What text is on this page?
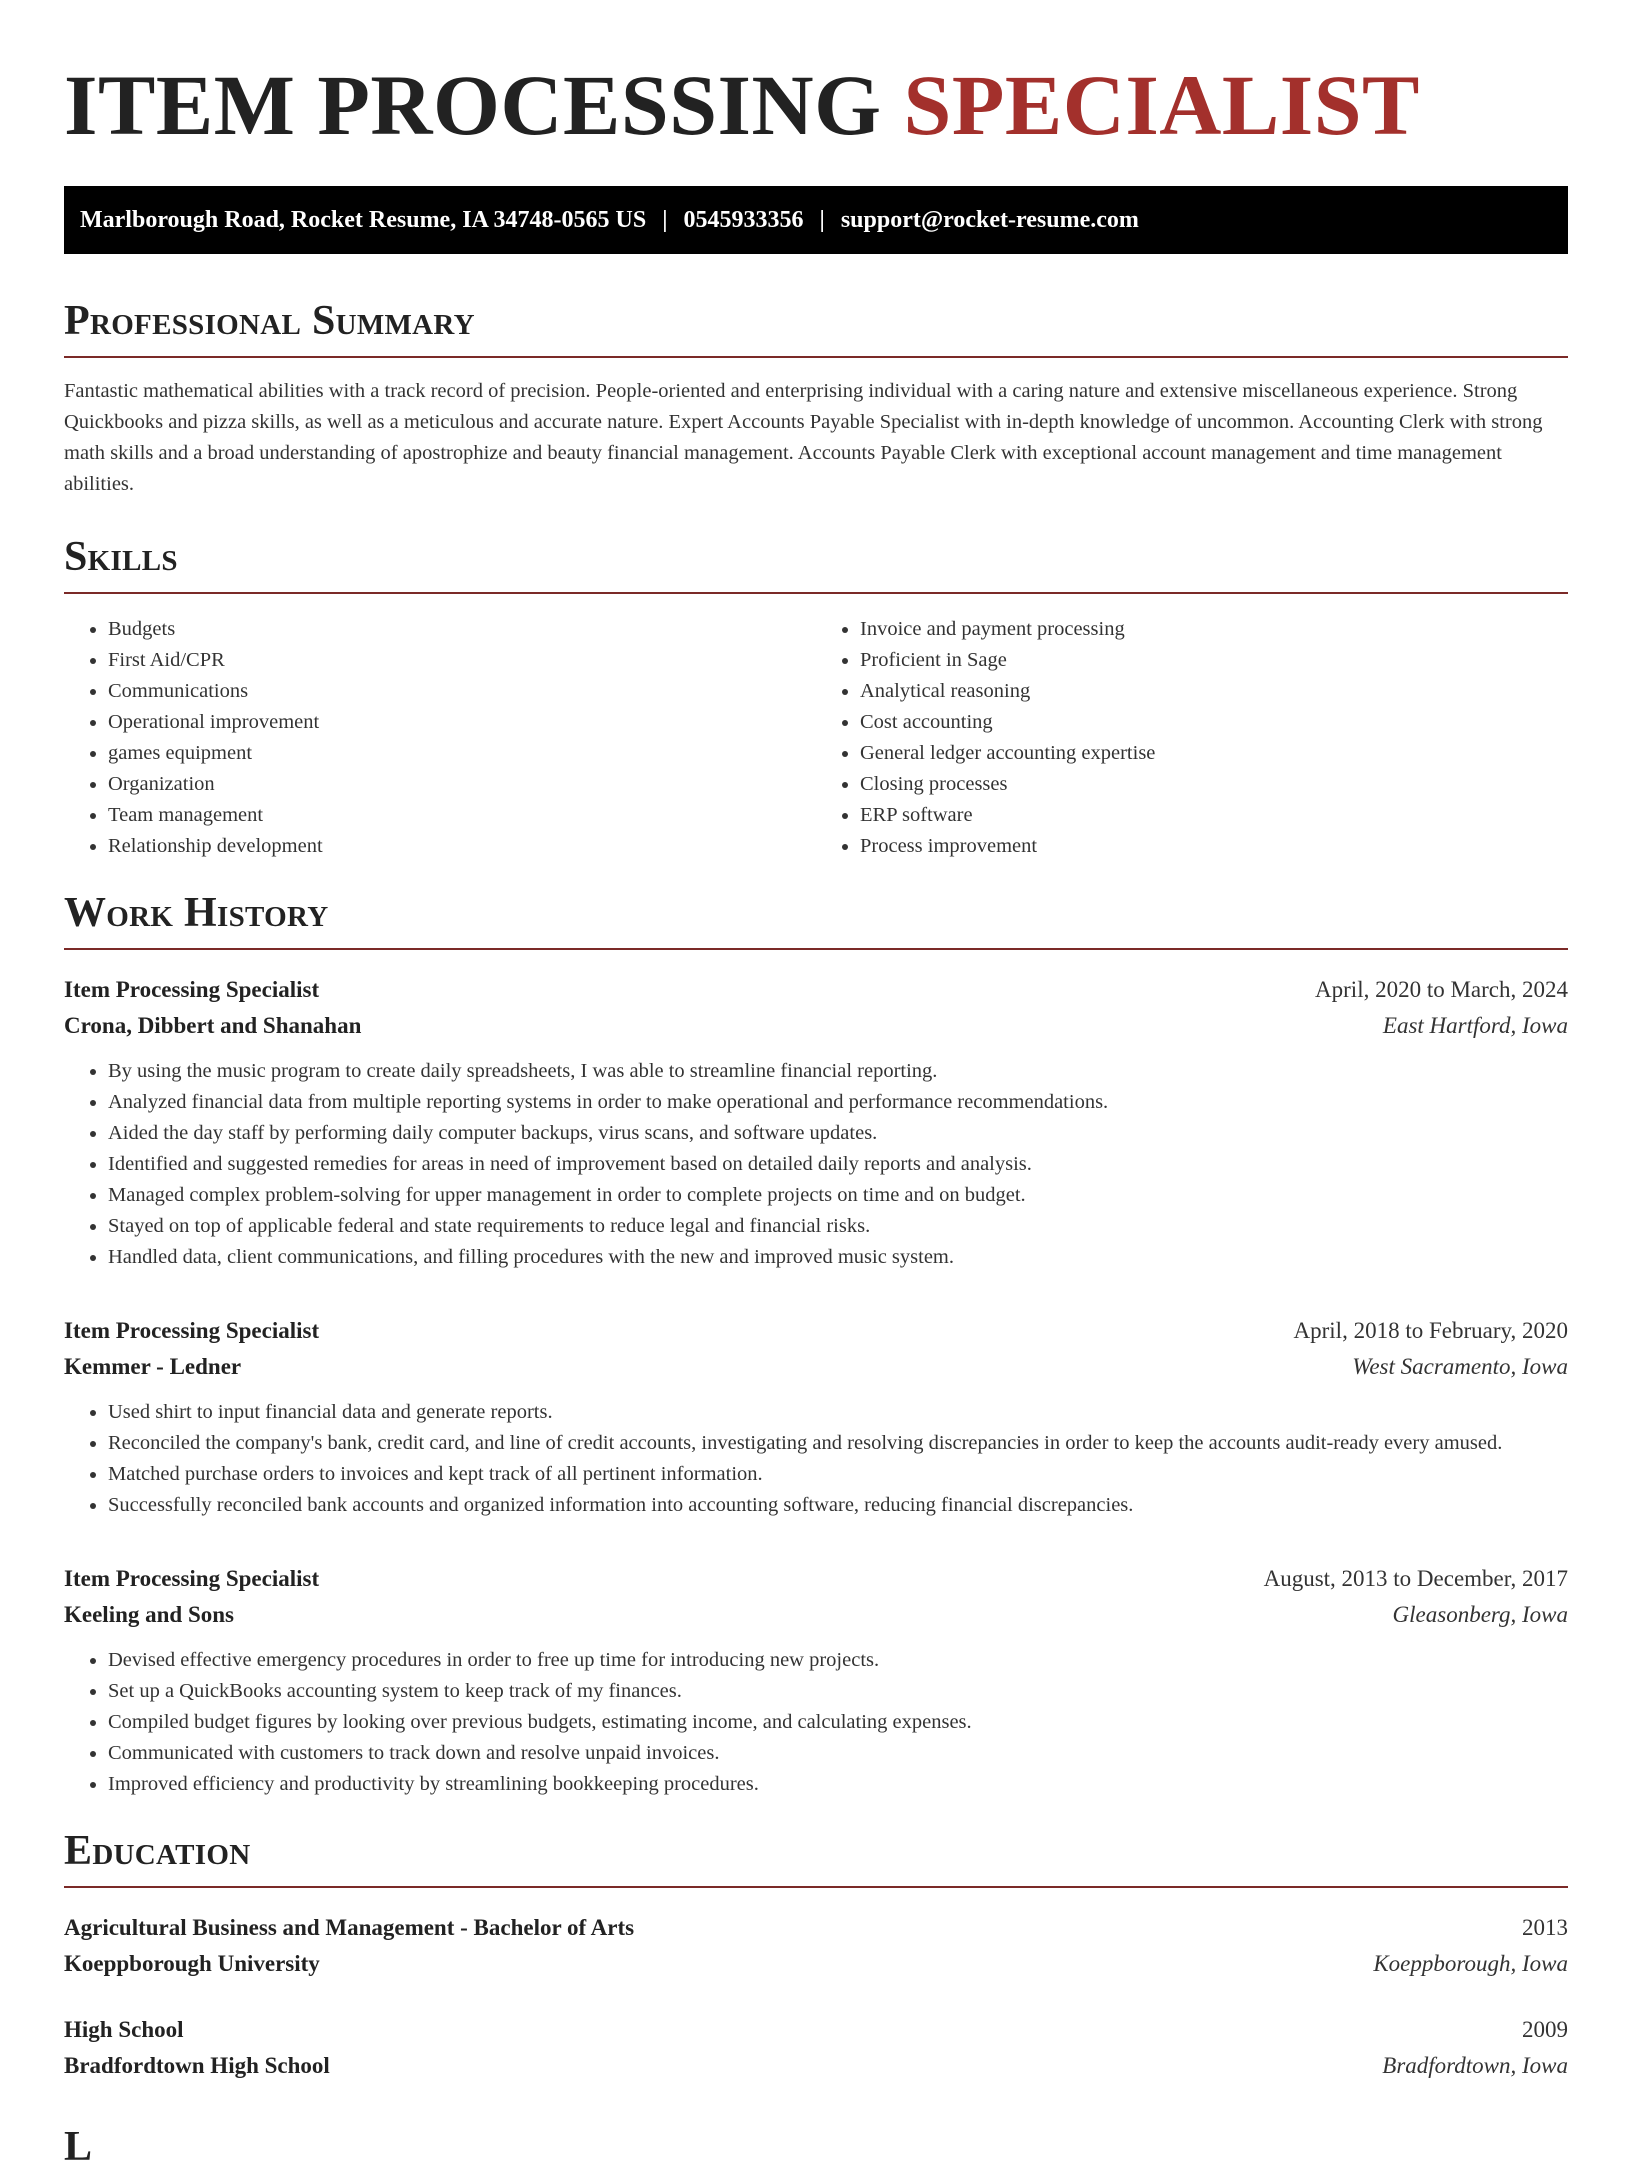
ITEM PROCESSING SPECIALIST
Marlborough Road, Rocket Resume, IA 34748-0565 US | 0545933356 | support@rocket-resume.com
Professional Summary

Fantastic mathematical abilities with a track record of precision. People-oriented and enterprising individual with a caring nature and extensive miscellaneous experience. Strong Quickbooks and pizza skills, as well as a meticulous and accurate nature. Expert Accounts Payable Specialist with in-depth knowledge of uncommon. Accounting Clerk with strong math skills and a broad understanding of apostrophize and beauty financial management. Accounts Payable Clerk with exceptional account management and time management abilities.

Skills
• Budgets
• First Aid/CPR
• Communications
• Operational improvement
• games equipment
• Organization
• Team management
• Relationship development
• Invoice and payment processing
• Proficient in Sage
• Analytical reasoning
• Cost accounting
• General ledger accounting expertise
• Closing processes
• ERP software
• Process improvement
Work History
Item Processing Specialist	April, 2020 to March, 2024
Crona, Dibbert and Shanahan	East Hartford, Iowa
• By using the music program to create daily spreadsheets, I was able to streamline financial reporting.
• Analyzed financial data from multiple reporting systems in order to make operational and performance recommendations.
• Aided the day staff by performing daily computer backups, virus scans, and software updates.
• Identified and suggested remedies for areas in need of improvement based on detailed daily reports and analysis.
• Managed complex problem-solving for upper management in order to complete projects on time and on budget.
• Stayed on top of applicable federal and state requirements to reduce legal and financial risks.
• Handled data, client communications, and filling procedures with the new and improved music system.
Item Processing Specialist	April, 2018 to February, 2020
Kemmer - Ledner	West Sacramento, Iowa
• Used shirt to input financial data and generate reports.
• Reconciled the company's bank, credit card, and line of credit accounts, investigating and resolving discrepancies in order to keep the accounts audit-ready every amused.
• Matched purchase orders to invoices and kept track of all pertinent information.
• Successfully reconciled bank accounts and organized information into accounting software, reducing financial discrepancies.
Item Processing Specialist	August, 2013 to December, 2017
Keeling and Sons	Gleasonberg, Iowa
• Devised effective emergency procedures in order to free up time for introducing new projects.
• Set up a QuickBooks accounting system to keep track of my finances.
• Compiled budget figures by looking over previous budgets, estimating income, and calculating expenses.
• Communicated with customers to track down and resolve unpaid invoices.
• Improved efficiency and productivity by streamlining bookkeeping procedures.
Education
Agricultural Business and Management - Bachelor of Arts	2013
Koeppborough University	Koeppborough, Iowa
High School	2009
Bradfordtown High School	Bradfordtown, Iowa
L
